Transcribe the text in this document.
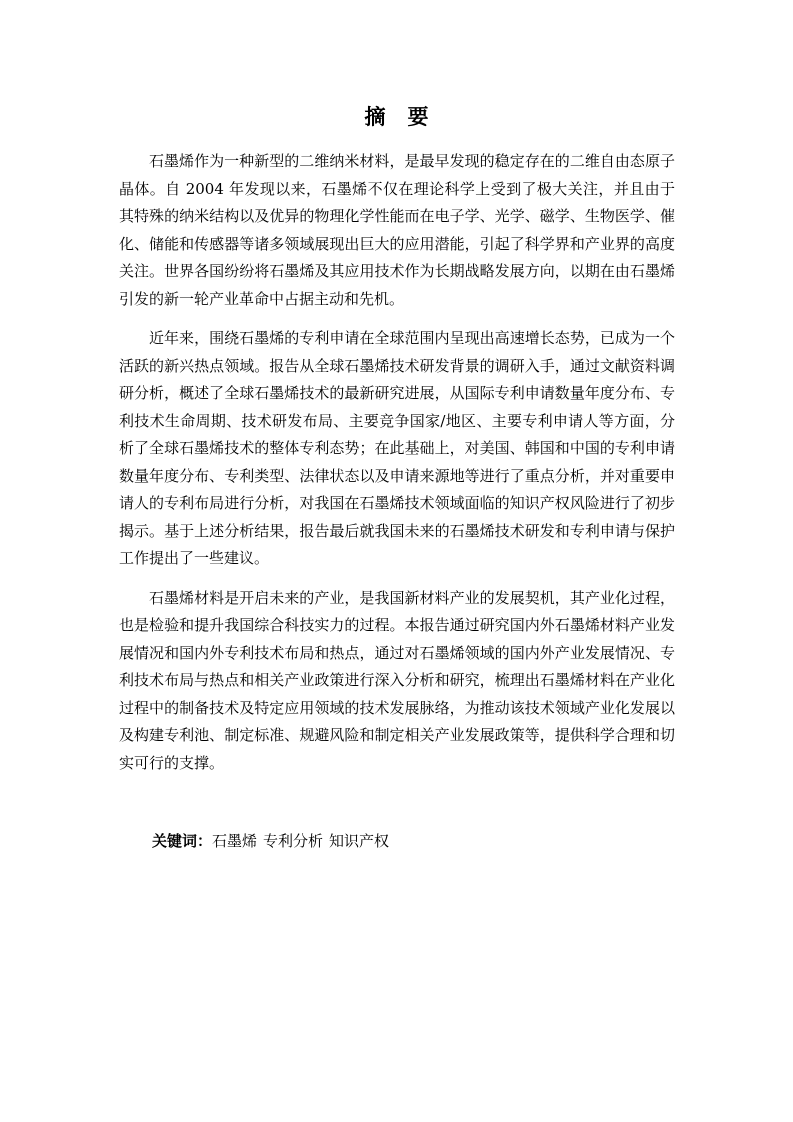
摘要

石墨烯作为一种新型的二维纳米材料，是最早发现的稳定存在的二维自由态原子晶体。自 2004 年发现以来，石墨烯不仅在理论科学上受到了极大关注，并且由于其特殊的纳米结构以及优异的物理化学性能而在电子学、光学、磁学、生物医学、催化、储能和传感器等诸多领域展现出巨大的应用潜能，引起了科学界和产业界的高度关注。世界各国纷纷将石墨烯及其应用技术作为长期战略发展方向，以期在由石墨烯引发的新一轮产业革命中占据主动和先机。

近年来，围绕石墨烯的专利申请在全球范围内呈现出高速增长态势，已成为一个活跃的新兴热点领域。报告从全球石墨烯技术研发背景的调研入手，通过文献资料调研分析，概述了全球石墨烯技术的最新研究进展，从国际专利申请数量年度分布、专利技术生命周期、技术研发布局、主要竞争国家/地区、主要专利申请人等方面，分析了全球石墨烯技术的整体专利态势；在此基础上，对美国、韩国和中国的专利申请数量年度分布、专利类型、法律状态以及申请来源地等进行了重点分析，并对重要申请人的专利布局进行分析，对我国在石墨烯技术领域面临的知识产权风险进行了初步揭示。基于上述分析结果，报告最后就我国未来的石墨烯技术研发和专利申请与保护工作提出了一些建议。

石墨烯材料是开启未来的产业，是我国新材料产业的发展契机，其产业化过程，也是检验和提升我国综合科技实力的过程。本报告通过研究国内外石墨烯材料产业发展情况和国内外专利技术布局和热点，通过对石墨烯领域的国内外产业发展情况、专利技术布局与热点和相关产业政策进行深入分析和研究，梳理出石墨烯材料在产业化过程中的制备技术及特定应用领域的技术发展脉络，为推动该技术领域产业化发展以及构建专利池、制定标准、规避风险和制定相关产业发展政策等，提供科学合理和切实可行的支撑。

关键词：石墨烯 专利分析 知识产权
